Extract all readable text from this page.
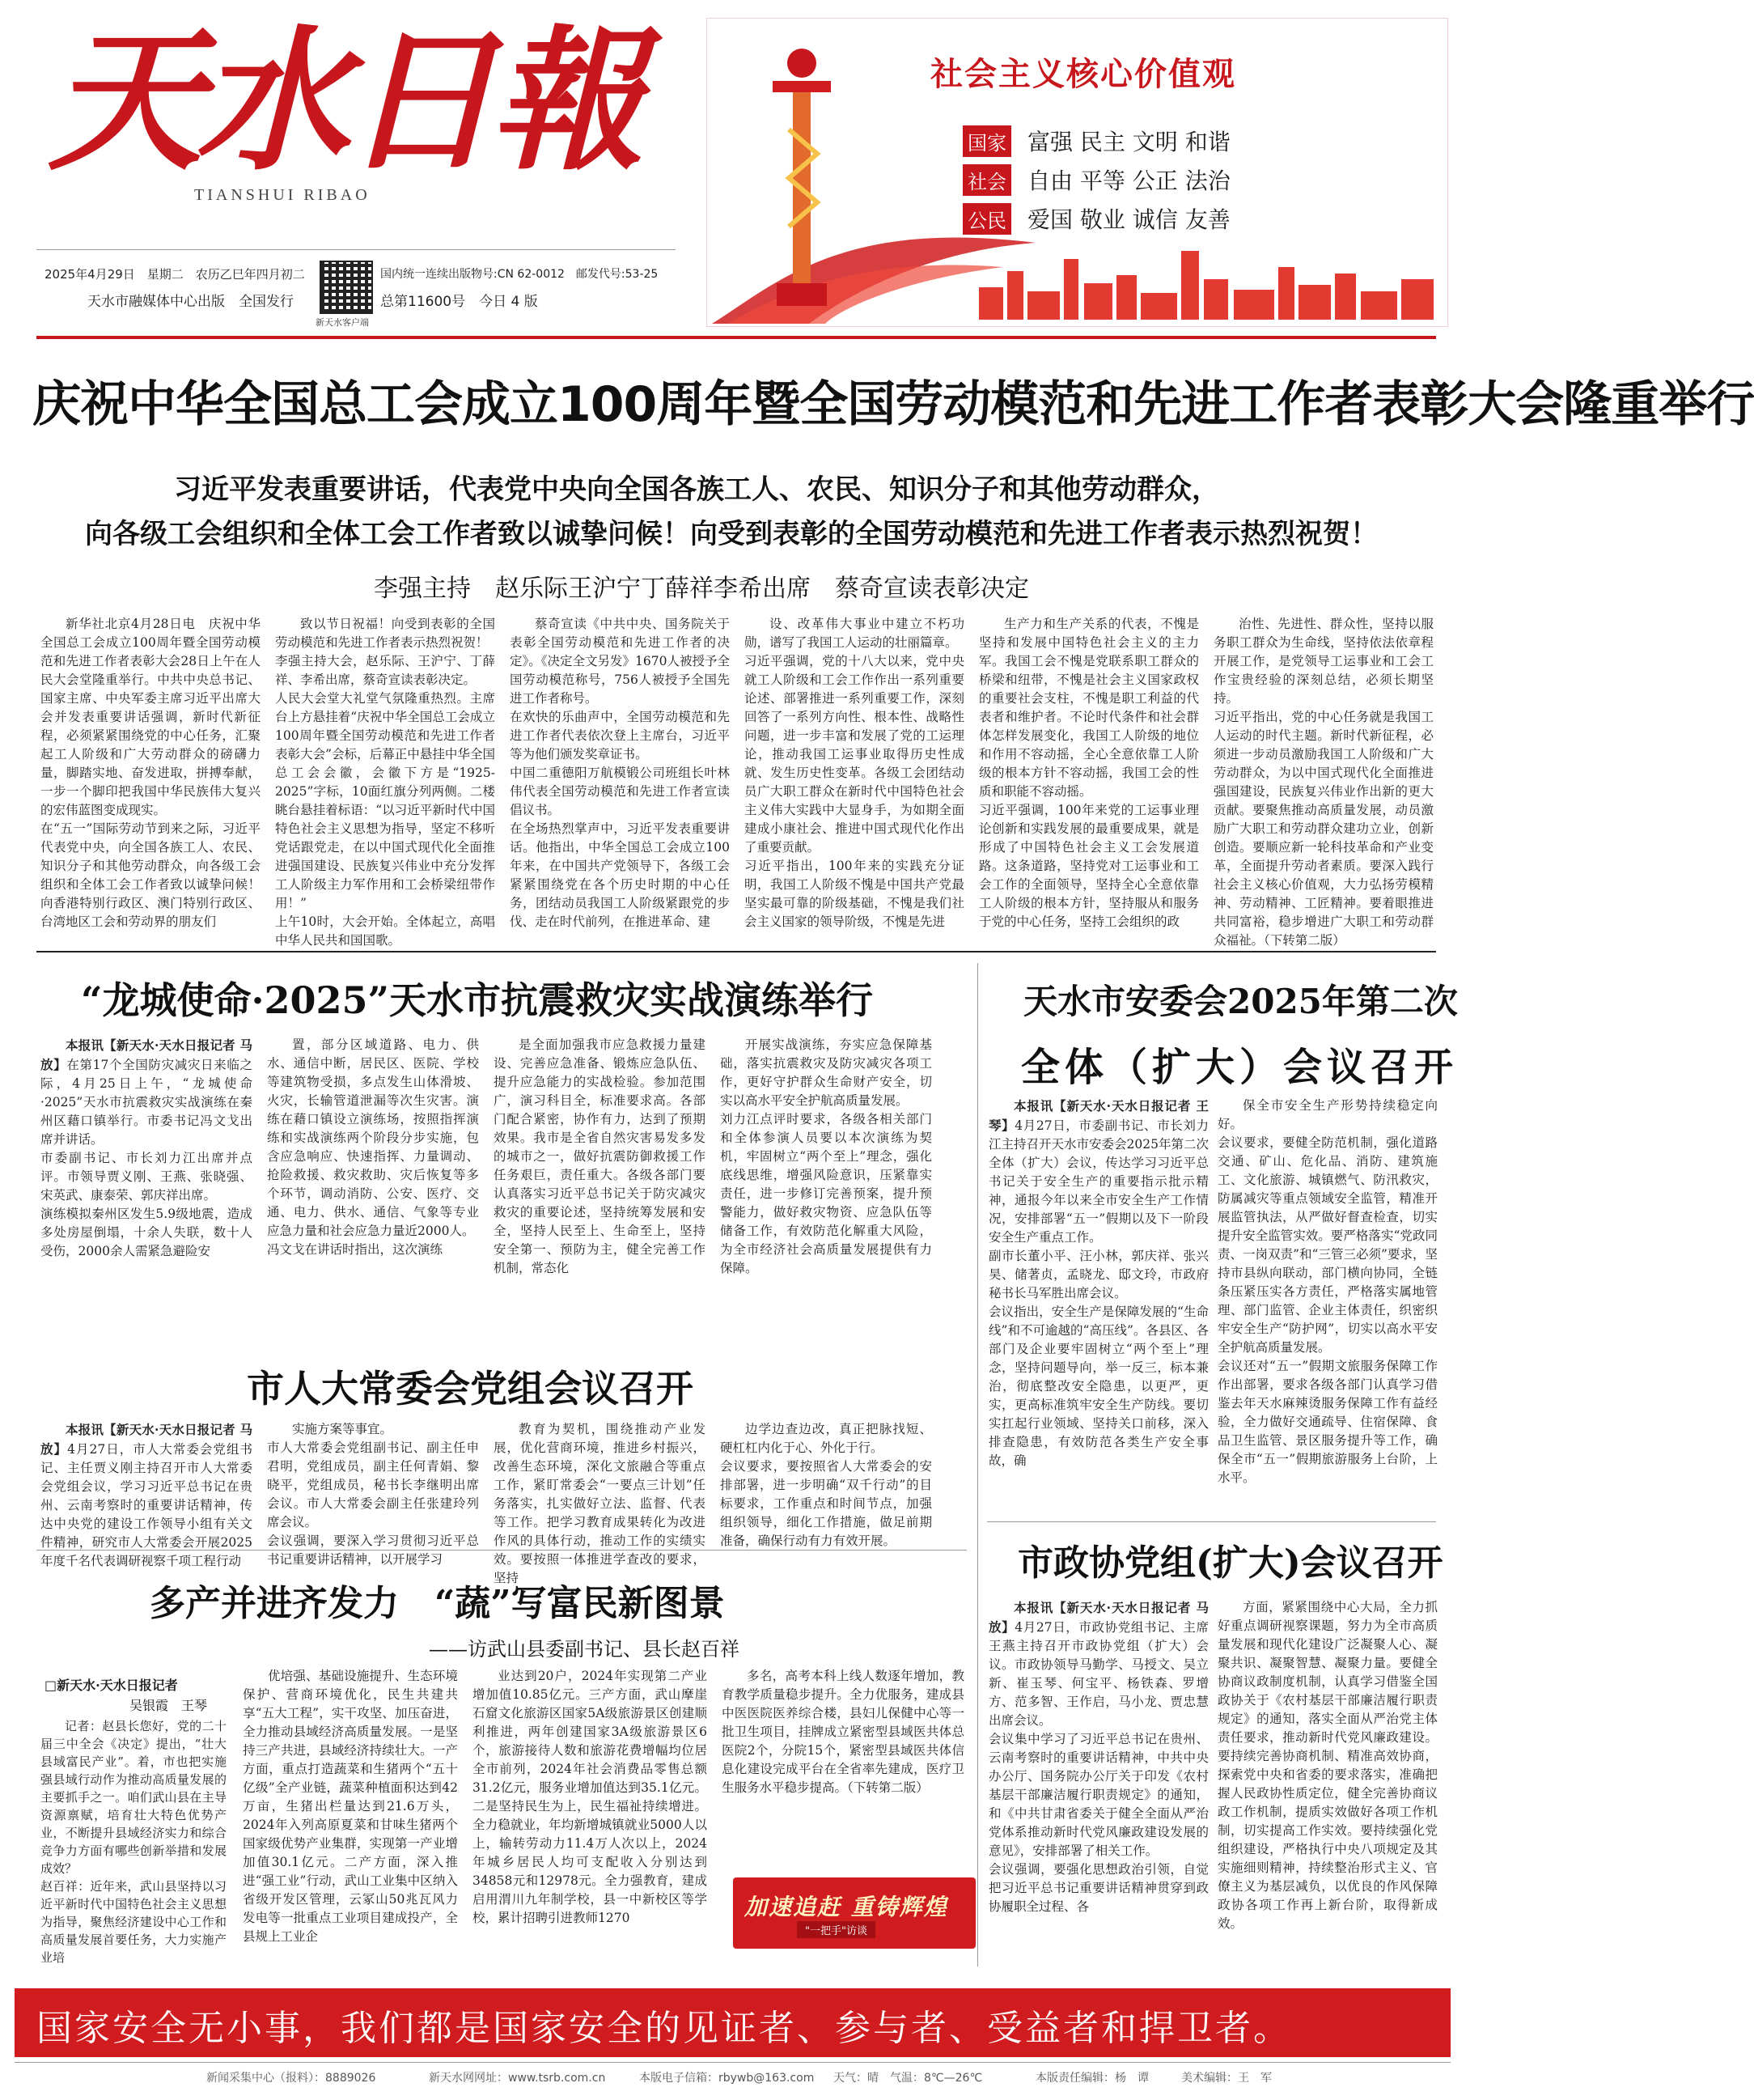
天水日報
TIANSHUI RIBAO
2025年4月29日　星期二　农历乙巳年四月初二
天水市融媒体中心出版　全国发行
新天水客户端
国内统一连续出版物号:CN 62-0012　邮发代号:53-25
总第11600号　今日 4 版
社会主义核心价值观
国家 富强 民主 文明 和谐
社会 自由 平等 公正 法治
公民 爱国 敬业 诚信 友善
庆祝中华全国总工会成立100周年暨全国劳动模范和先进工作者表彰大会隆重举行
习近平发表重要讲话，代表党中央向全国各族工人、农民、知识分子和其他劳动群众，
向各级工会组织和全体工会工作者致以诚挚问候！向受到表彰的全国劳动模范和先进工作者表示热烈祝贺！
李强主持　赵乐际王沪宁丁薛祥李希出席　蔡奇宣读表彰决定

新华社北京4月28日电　庆祝中华全国总工会成立100周年暨全国劳动模范和先进工作者表彰大会28日上午在人民大会堂隆重举行。中共中央总书记、国家主席、中央军委主席习近平出席大会并发表重要讲话强调，新时代新征程，必须紧紧围绕党的中心任务，汇聚起工人阶级和广大劳动群众的磅礴力量，脚踏实地、奋发进取，拼搏奉献，一步一个脚印把我国中华民族伟大复兴的宏伟蓝图变成现实。
在“五一”国际劳动节到来之际，习近平代表党中央，向全国各族工人、农民、知识分子和其他劳动群众，向各级工会组织和全体工会工作者致以诚挚问候！向香港特别行政区、澳门特别行政区、台湾地区工会和劳动界的朋友们

致以节日祝福！向受到表彰的全国劳动模范和先进工作者表示热烈祝贺！
李强主持大会，赵乐际、王沪宁、丁薛祥、李希出席，蔡奇宣读表彰决定。
人民大会堂大礼堂气氛隆重热烈。主席台上方悬挂着“庆祝中华全国总工会成立100周年暨全国劳动模范和先进工作者表彰大会”会标，后幕正中悬挂中华全国总工会会徽，会徽下方是“1925-2025”字标，10面红旗分列两侧。二楼眺台悬挂着标语：“以习近平新时代中国特色社会主义思想为指导，坚定不移听党话跟党走，在以中国式现代化全面推进强国建设、民族复兴伟业中充分发挥工人阶级主力军作用和工会桥梁纽带作用！”
上午10时，大会开始。全体起立，高唱中华人民共和国国歌。

蔡奇宣读《中共中央、国务院关于表彰全国劳动模范和先进工作者的决定》。《决定全文另发》1670人被授予全国劳动模范称号，756人被授予全国先进工作者称号。
在欢快的乐曲声中，全国劳动模范和先进工作者代表依次登上主席台，习近平等为他们颁发奖章证书。
中国二重德阳万航模锻公司班组长叶林伟代表全国劳动模范和先进工作者宣读倡议书。
在全场热烈掌声中，习近平发表重要讲话。他指出，中华全国总工会成立100年来，在中国共产党领导下，各级工会紧紧围绕党在各个历史时期的中心任务，团结动员我国工人阶级紧跟党的步伐、走在时代前列，在推进革命、建

设、改革伟大事业中建立不朽功勋，谱写了我国工人运动的壮丽篇章。
习近平强调，党的十八大以来，党中央就工人阶级和工会工作作出一系列重要论述、部署推进一系列重要工作，深刻回答了一系列方向性、根本性、战略性问题，进一步丰富和发展了党的工运理论，推动我国工运事业取得历史性成就、发生历史性变革。各级工会团结动员广大职工群众在新时代中国特色社会主义伟大实践中大显身手，为如期全面建成小康社会、推进中国式现代化作出了重要贡献。
习近平指出，100年来的实践充分证明，我国工人阶级不愧是中国共产党最坚实最可靠的阶级基础，不愧是我们社会主义国家的领导阶级，不愧是先进

生产力和生产关系的代表，不愧是坚持和发展中国特色社会主义的主力军。我国工会不愧是党联系职工群众的桥梁和纽带，不愧是社会主义国家政权的重要社会支柱，不愧是职工利益的代表者和维护者。不论时代条件和社会群体怎样发展变化，我国工人阶级的地位和作用不容动摇，全心全意依靠工人阶级的根本方针不容动摇，我国工会的性质和职能不容动摇。
习近平强调，100年来党的工运事业理论创新和实践发展的最重要成果，就是形成了中国特色社会主义工会发展道路。这条道路，坚持党对工运事业和工会工作的全面领导，坚持全心全意依靠工人阶级的根本方针，坚持服从和服务于党的中心任务，坚持工会组织的政

治性、先进性、群众性，坚持以服务职工群众为生命线，坚持依法依章程开展工作，是党领导工运事业和工会工作宝贵经验的深刻总结，必须长期坚持。
习近平指出，党的中心任务就是我国工人运动的时代主题。新时代新征程，必须进一步动员激励我国工人阶级和广大劳动群众，为以中国式现代化全面推进强国建设，民族复兴伟业作出新的更大贡献。要聚焦推动高质量发展，动员激励广大职工和劳动群众建功立业，创新创造。要顺应新一轮科技革命和产业变革，全面提升劳动者素质。要深入践行社会主义核心价值观，大力弘扬劳模精神、劳动精神、工匠精神。要着眼推进共同富裕，稳步增进广大职工和劳动群众福祉。（下转第二版）

“龙城使命·2025”天水市抗震救灾实战演练举行

本报讯【新天水·天水日报记者 马放】在第17个全国防灾减灾日来临之际，4月25日上午，“龙城使命·2025”天水市抗震救灾实战演练在秦州区藉口镇举行。市委书记冯文戈出席并讲话。
市委副书记、市长刘力江出席并点评。市领导贾义刚、王燕、张晓强、宋英武、康泰荣、郭庆祥出席。
演练模拟秦州区发生5.9级地震，造成多处房屋倒塌，十余人失联，数十人受伤，2000余人需紧急避险安

置，部分区域道路、电力、供水、通信中断，居民区、医院、学校等建筑物受损，多点发生山体滑坡、火灾，长输管道泄漏等次生灾害。演练在藉口镇设立演练场，按照指挥演练和实战演练两个阶段分步实施，包含应急响应、快速指挥、力量调动、抢险救援、救灾救助、灾后恢复等多个环节，调动消防、公安、医疗、交通、电力、供水、通信、气象等专业应急力量和社会应急力量近2000人。
冯文戈在讲话时指出，这次演练

是全面加强我市应急救援力量建设、完善应急准备、锻炼应急队伍、提升应急能力的实战检验。参加范围广，演习科目全，标准要求高。各部门配合紧密，协作有力，达到了预期效果。我市是全省自然灾害易发多发的城市之一，做好抗震防御救援工作任务艰巨，责任重大。各级各部门要认真落实习近平总书记关于防灾减灾救灾的重要论述，坚持统筹发展和安全，坚持人民至上、生命至上，坚持安全第一、预防为主，健全完善工作机制，常态化

开展实战演练，夯实应急保障基础，落实抗震救灾及防灾减灾各项工作，更好守护群众生命财产安全，切实以高水平安全护航高质量发展。
刘力江点评时要求，各级各相关部门和全体参演人员要以本次演练为契机，牢固树立“两个至上”理念，强化底线思维，增强风险意识，压紧靠实责任，进一步修订完善预案，提升预警能力，做好救灾物资、应急队伍等储备工作，有效防范化解重大风险，为全市经济社会高质量发展提供有力保障。

天水市安委会2025年第二次
全体（扩大）会议召开

本报讯【新天水·天水日报记者 王琴】4月27日，市委副书记、市长刘力江主持召开天水市安委会2025年第二次全体（扩大）会议，传达学习习近平总书记关于安全生产的重要指示批示精神，通报今年以来全市安全生产工作情况，安排部署“五一”假期以及下一阶段安全生产重点工作。
副市长董小平、汪小林，郭庆祥、张兴昊、储著贞，孟晓龙、邸文玲，市政府秘书长马军胜出席会议。
会议指出，安全生产是保障发展的“生命线”和不可逾越的“高压线”。各县区、各部门及企业要牢固树立“两个至上”理念，坚持问题导向，举一反三，标本兼治，彻底整改安全隐患，以更严，更实，更高标准筑牢安全生产防线。要切实扛起行业领域、坚持关口前移，深入排查隐患，有效防范各类生产安全事故，确

保全市安全生产形势持续稳定向好。
会议要求，要健全防范机制，强化道路交通、矿山、危化品、消防、建筑施工、文化旅游、城镇燃气、防汛救灾，防属减灾等重点领域安全监管，精准开展监管执法，从严做好督查检查，切实提升安全监管实效。要严格落实“党政同责、一岗双责”和“三管三必须”要求，坚持市县纵向联动，部门横向协同，全链条压紧压实各方责任，严格落实属地管理、部门监管、企业主体责任，织密织牢安全生产“防护网”，切实以高水平安全护航高质量发展。
会议还对“五一”假期文旅服务保障工作作出部署，要求各级各部门认真学习借鉴去年天水麻辣烫服务保障工作有益经验，全力做好交通疏导、住宿保障、食品卫生监管、景区服务提升等工作，确保全市“五一”假期旅游服务上台阶，上水平。

市人大常委会党组会议召开

本报讯【新天水·天水日报记者 马放】4月27日，市人大常委会党组书记、主任贾义刚主持召开市人大常委会党组会议，学习习近平总书记在贵州、云南考察时的重要讲话精神，传达中央党的建设工作领导小组有关文件精神，研究市人大常委会开展2025年度千名代表调研视察千项工程行动

实施方案等事宜。
市人大常委会党组副书记、副主任申君明，党组成员，副主任何青娟、黎晓平，党组成员，秘书长李继明出席会议。市人大常委会副主任张建玲列席会议。
会议强调，要深入学习贯彻习近平总书记重要讲话精神，以开展学习

教育为契机，围绕推动产业发展，优化营商环境，推进乡村振兴，改善生态环境，深化文旅融合等重点工作，紧盯常委会“一要点三计划”任务落实，扎实做好立法、监督、代表等工作。把学习教育成果转化为改进作风的具体行动，推动工作的实绩实效。要按照一体推进学查改的要求，坚持

边学边查边改，真正把脉找短、硬杠杠内化于心、外化于行。
会议要求，要按照省人大常委会的安排部署，进一步明确“双千行动”的目标要求，工作重点和时间节点，加强组织领导，细化工作措施，做足前期准备，确保行动有力有效开展。

多产并进齐发力　“蔬”写富民新图景
——访武山县委副书记、县长赵百祥
□新天水·天水日报记者
吴银霞　王琴

记者：赵县长您好，党的二十届三中全会《决定》提出，“壮大县域富民产业”。着，市也把实施强县域行动作为推动高质量发展的主要抓手之一。咱们武山县在主导资源禀赋，培育壮大特色优势产业，不断提升县域经济实力和综合竞争力方面有哪些创新举措和发展成效？
赵百祥：近年来，武山县坚持以习近平新时代中国特色社会主义思想为指导，聚焦经济建设中心工作和高质量发展首要任务，大力实施产业培

优培强、基础设施提升、生态环境保护、营商环境优化，民生共建共享“五大工程”，实干攻坚、加压奋进，全力推动县域经济高质量发展。一是坚持三产共进，县域经济持续壮大。一产方面，重点打造蔬菜和生猪两个“五十亿级”全产业链，蔬菜种植面积达到42万亩，生猪出栏量达到21.6万头，2024年入列高原夏菜和甘味生猪两个国家级优势产业集群，实现第一产业增加值30.1亿元。二产方面，深入推进“强工业”行动，武山工业集中区纳入省级开发区管理，云冢山50兆瓦风力发电等一批重点工业项目建成投产，全县规上工业企

业达到20户，2024年实现第二产业增加值10.85亿元。三产方面，武山摩崖石窟文化旅游区国家5A级旅游景区创建顺利推进，两年创建国家3A级旅游景区6个，旅游接待人数和旅游花费增幅均位居全市前列，2024年社会消费品零售总额31.2亿元，服务业增加值达到35.1亿元。二是坚持民生为上，民生福祉持续增进。全力稳就业，年均新增城镇就业5000人以上，输转劳动力11.4万人次以上，2024年城乡居民人均可支配收入分别达到34858元和12978元。全力强教育，建成启用渭川九年制学校，县一中新校区等学校，累计招聘引进教师1270

多名，高考本科上线人数逐年增加，教育教学质量稳步提升。全力优服务，建成县中医医院医养综合楼，县妇儿保健中心等一批卫生项目，挂牌成立紧密型县域医共体总医院2个，分院15个，紧密型县域医共体信息化建设完成平台在全省率先建成，医疗卫生服务水平稳步提高。（下转第二版）

加速追赶 重铸辉煌
"一把手"访谈
市政协党组(扩大)会议召开

本报讯【新天水·天水日报记者 马放】4月27日，市政协党组书记、主席王燕主持召开市政协党组（扩大）会议。市政协领导马勤学、马授文、吴立新、崔玉琴、何宝平、杨铁森、罗增方、范多智、王作启，马小龙、贾忠慧出席会议。
会议集中学习了习近平总书记在贵州、云南考察时的重要讲话精神，中共中央办公厅、国务院办公厅关于印发《农村基层干部廉洁履行职责规定》的通知，和《中共甘肃省委关于健全全面从严治党体系推动新时代党风廉政建设发展的意见》，安排部署了相关工作。
会议强调，要强化思想政治引领，自觉把习近平总书记重要讲话精神贯穿到政协履职全过程、各

方面，紧紧围绕中心大局，全力抓好重点调研视察课题，努力为全市高质量发展和现代化建设广泛凝聚人心、凝聚共识、凝聚智慧、凝聚力量。要健全协商议政制度机制，认真学习借鉴全国政协关于《农村基层干部廉洁履行职责规定》的通知，落实全面从严治党主体责任要求，推动新时代党风廉政建设。要持续完善协商机制、精准高效协商，探索党中央和省委的要求落实，准确把握人民政协性质定位，健全完善协商议政工作机制，提质实效做好各项工作机制，切实提高工作实效。要持续强化党组织建设，严格执行中央八项规定及其实施细则精神，持续整治形式主义、官僚主义为基层减负，以优良的作风保障政协各项工作再上新台阶，取得新成效。

国家安全无小事，我们都是国家安全的见证者、参与者、受益者和捍卫者。
新闻采集中心（报料）：8889026	新天水网网址：www.tsrb.com.cn	本版电子信箱：rbywb@163.com 天气：晴　气温：8℃—26℃	本版责任编辑：杨　谭	美术编辑：王　军
